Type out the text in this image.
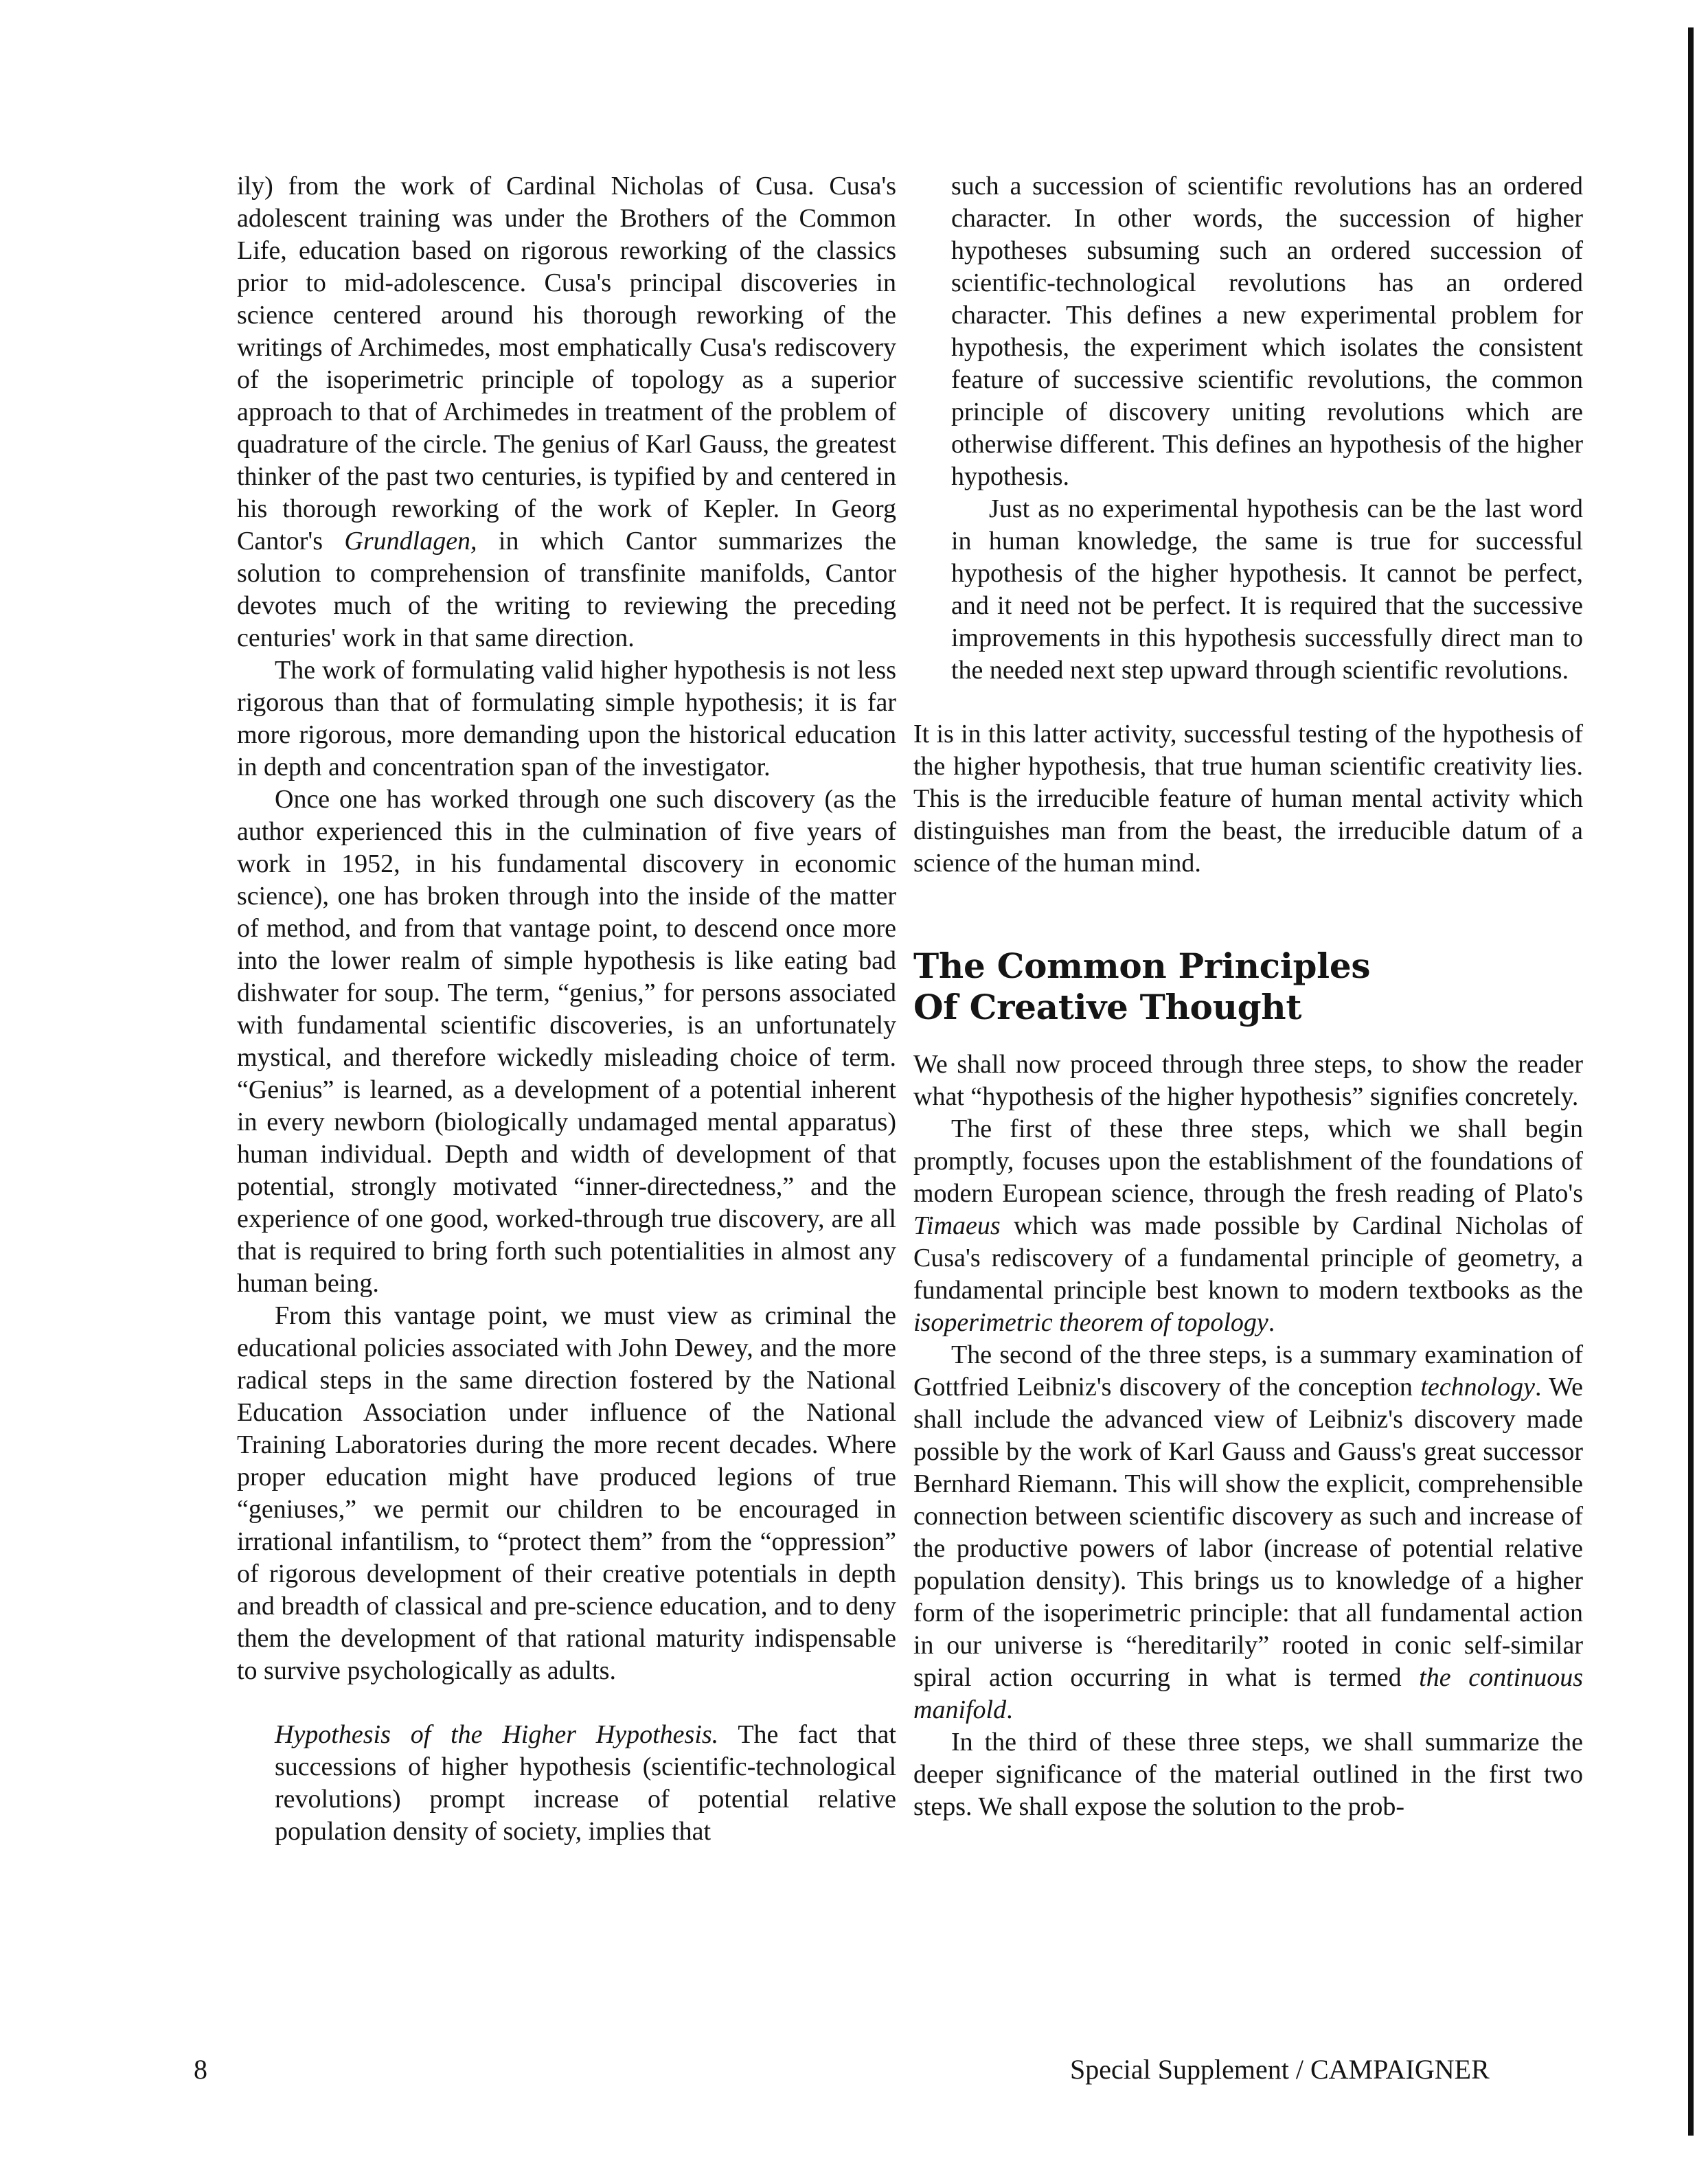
ily) from the work of Cardinal Nicholas of Cusa. Cusa's adolescent training was under the Brothers of the Common Life, education based on rigorous reworking of the classics prior to mid-adolescence. Cusa's principal discoveries in science centered around his thorough reworking of the writings of Archimedes, most emphatically Cusa's rediscovery of the isoperimetric principle of topology as a superior approach to that of Archimedes in treatment of the problem of quadrature of the circle. The genius of Karl Gauss, the greatest thinker of the past two centuries, is typified by and centered in his thorough reworking of the work of Kepler. In Georg Cantor's Grundlagen, in which Cantor summarizes the solution to comprehension of transfinite manifolds, Cantor devotes much of the writing to reviewing the preceding centuries' work in that same direction.

The work of formulating valid higher hypothesis is not less rigorous than that of formulating simple hypothesis; it is far more rigorous, more demanding upon the historical education in depth and concentration span of the investigator.

Once one has worked through one such discovery (as the author experienced this in the culmination of five years of work in 1952, in his fundamental discovery in economic science), one has broken through into the inside of the matter of method, and from that vantage point, to descend once more into the lower realm of simple hypothesis is like eating bad dishwater for soup. The term, “genius,” for persons associated with fundamental scientific discoveries, is an unfortunately mystical, and therefore wickedly misleading choice of term. “Genius” is learned, as a development of a potential inherent in every newborn (biologically undamaged mental apparatus) human individual. Depth and width of development of that potential, strongly motivated “inner-directedness,” and the experience of one good, worked-through true discovery, are all that is required to bring forth such potentialities in almost any human being.

From this vantage point, we must view as criminal the educational policies associated with John Dewey, and the more radical steps in the same direction fostered by the National Education Association under influence of the National Training Laboratories during the more recent decades. Where proper education might have produced legions of true “geniuses,” we permit our children to be encouraged in irrational infantilism, to “protect them” from the “oppression” of rigorous development of their creative potentials in depth and breadth of classical and pre-science education, and to deny them the development of that rational maturity indispensable to survive psychologically as adults.

Hypothesis of the Higher Hypothesis. The fact that successions of higher hypothesis (scientific-technological revolutions) prompt increase of potential relative population density of society, implies that

such a succession of scientific revolutions has an ordered character. In other words, the succession of higher hypotheses subsuming such an ordered succession of scientific-technological revolutions has an ordered character. This defines a new experimental problem for hypothesis, the experiment which isolates the consistent feature of successive scientific revolutions, the common principle of discovery uniting revolutions which are otherwise different. This defines an hypothesis of the higher hypothesis.

Just as no experimental hypothesis can be the last word in human knowledge, the same is true for successful hypothesis of the higher hypothesis. It cannot be perfect, and it need not be perfect. It is required that the successive improvements in this hypothesis successfully direct man to the needed next step upward through scientific revolutions.

It is in this latter activity, successful testing of the hypothesis of the higher hypothesis, that true human scientific creativity lies. This is the irreducible feature of human mental activity which distinguishes man from the beast, the irreducible datum of a science of the human mind.

The Common Principles
Of Creative Thought

We shall now proceed through three steps, to show the reader what “hypothesis of the higher hypothesis” signifies concretely.

The first of these three steps, which we shall begin promptly, focuses upon the establishment of the foundations of modern European science, through the fresh reading of Plato's Timaeus which was made possible by Cardinal Nicholas of Cusa's rediscovery of a fundamental principle of geometry, a fundamental principle best known to modern textbooks as the isoperimetric theorem of topology.

The second of the three steps, is a summary examination of Gottfried Leibniz's discovery of the conception technology. We shall include the advanced view of Leibniz's discovery made possible by the work of Karl Gauss and Gauss's great successor Bernhard Riemann. This will show the explicit, comprehensible connection between scientific discovery as such and increase of the productive powers of labor (increase of potential relative population density). This brings us to knowledge of a higher form of the isoperimetric principle: that all fundamental action in our universe is “hereditarily” rooted in conic self-similar spiral action occurring in what is termed the continuous manifold.

In the third of these three steps, we shall summarize the deeper significance of the material outlined in the first two steps. We shall expose the solution to the prob-

8	Special Supplement / CAMPAIGNER
